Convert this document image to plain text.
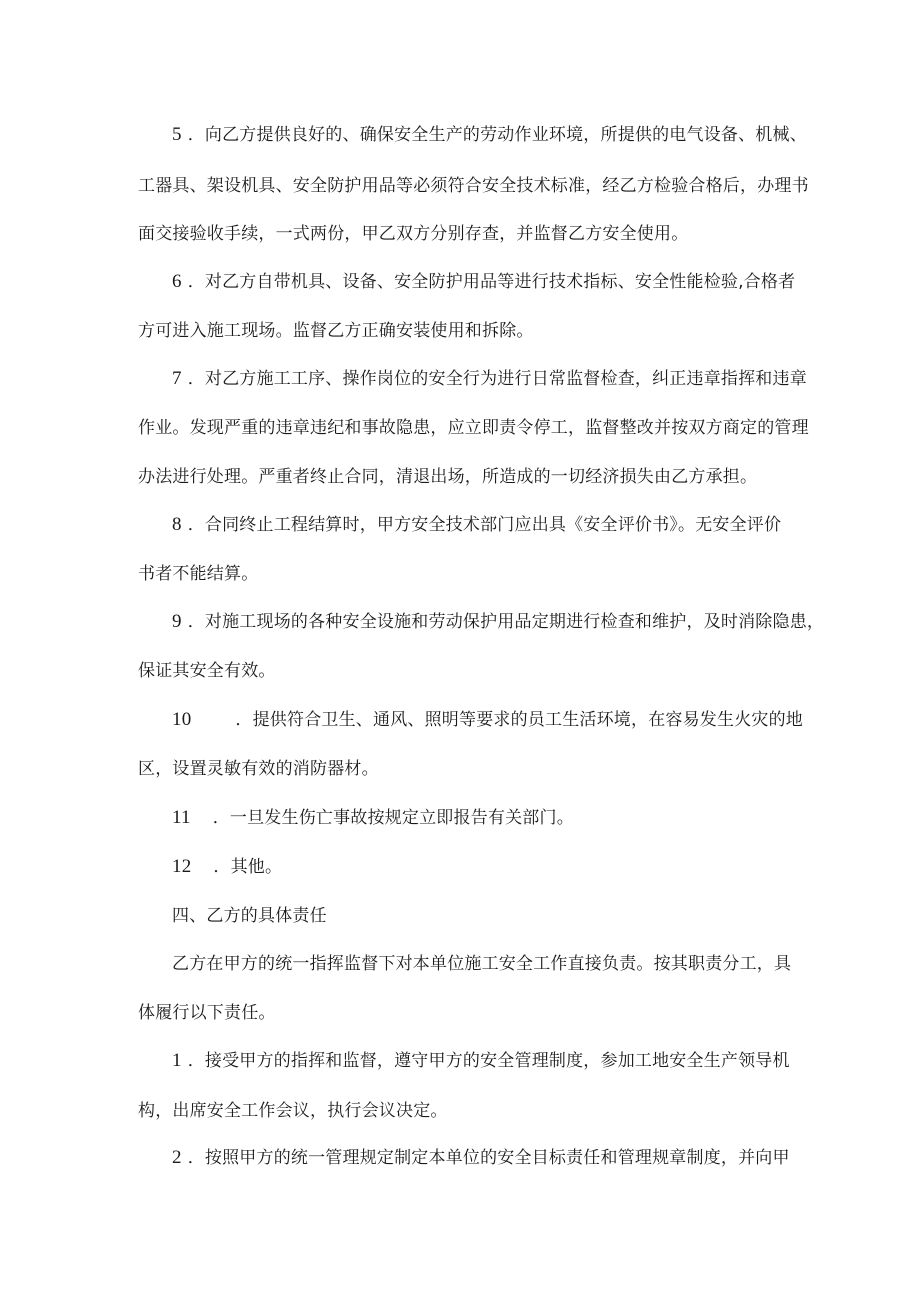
5 ．向乙方提供良好的、确保安全生产的劳动作业环境，所提供的电气设备、机械、
工器具、架设机具、安全防护用品等必须符合安全技术标准，经乙方检验合格后，办理书
面交接验收手续，一式两份，甲乙双方分别存查，并监督乙方安全使用。
6 ．对乙方自带机具、设备、安全防护用品等进行技术指标、安全性能检验,合格者
方可进入施工现场。监督乙方正确安装使用和拆除。
7 ．对乙方施工工序、操作岗位的安全行为进行日常监督检查，纠正违章指挥和违章
作业。发现严重的违章违纪和事故隐患，应立即责令停工，监督整改并按双方商定的管理
办法进行处理。严重者终止合同，清退出场，所造成的一切经济损失由乙方承担。
8 ．合同终止工程结算时，甲方安全技术部门应出具《安全评价书》。无安全评价
书者不能结算。
9 ．对施工现场的各种安全设施和劳动保护用品定期进行检查和维护，及时消除隐患，
保证其安全有效。
10	．提供符合卫生、通风、照明等要求的员工生活环境，在容易发生火灾的地
区，设置灵敏有效的消防器材。
11 ．一旦发生伤亡事故按规定立即报告有关部门。
12 ．其他。
四、乙方的具体责任
乙方在甲方的统一指挥监督下对本单位施工安全工作直接负责。按其职责分工，具
体履行以下责任。
1 ．接受甲方的指挥和监督，遵守甲方的安全管理制度，参加工地安全生产领导机
构，出席安全工作会议，执行会议决定。
2 ．按照甲方的统一管理规定制定本单位的安全目标责任和管理规章制度，并向甲
